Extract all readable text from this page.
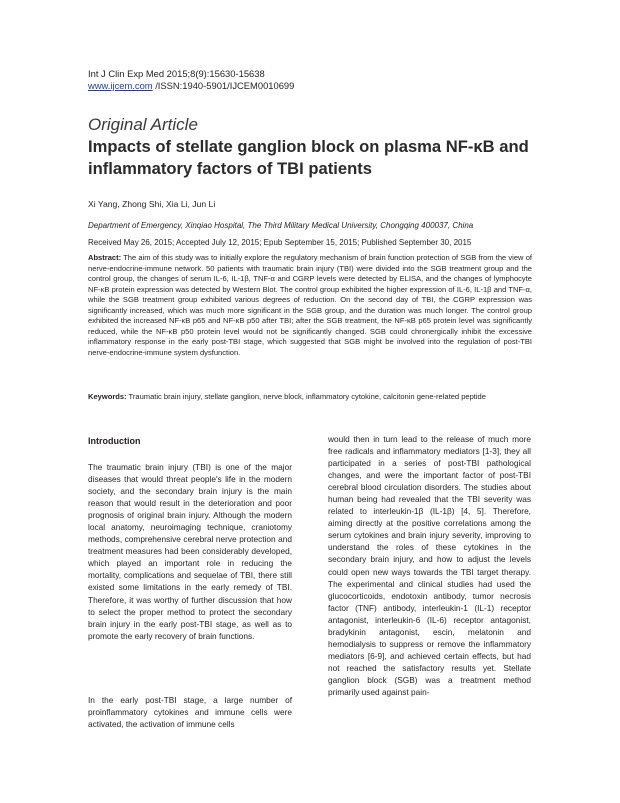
Int J Clin Exp Med 2015;8(9):15630-15638
www.ijcem.com /ISSN:1940-5901/IJCEM0010699
Original Article
Impacts of stellate ganglion block on plasma NF-κB and inflammatory factors of TBI patients
Xi Yang, Zhong Shi, Xia Li, Jun Li
Department of Emergency, Xinqiao Hospital, The Third Military Medical University, Chongqing 400037, China
Received May 26, 2015; Accepted July 12, 2015; Epub September 15, 2015; Published September 30, 2015
Abstract: The aim of this study was to initially explore the regulatory mechanism of brain function protection of SGB from the view of nerve-endocrine-immune network. 50 patients with traumatic brain injury (TBI) were divided into the SGB treatment group and the control group, the changes of serum IL-6, IL-1β, TNF-α and CGRP levels were detected by ELISA, and the changes of lymphocyte NF-κB protein expression was detected by Western Blot. The control group exhibited the higher expression of IL-6, IL-1β and TNF-α, while the SGB treatment group exhibited various degrees of reduction. On the second day of TBI, the CGRP expression was significantly increased, which was much more significant in the SGB group, and the duration was much longer. The control group exhibited the increased NF-κB p65 and NF-κB p50 after TBI; after the SGB treatment, the NF-κB p65 protein level was significantly reduced, while the NF-κB p50 protein level would not be significantly changed. SGB could chronergically inhibit the excessive inflammatory response in the early post-TBI stage, which suggested that SGB might be involved into the regulation of post-TBI nerve-endocrine-immune system dysfunction.
Keywords: Traumatic brain injury, stellate ganglion, nerve block, inflammatory cytokine, calcitonin gene-related peptide
Introduction

The traumatic brain injury (TBI) is one of the major diseases that would threat people's life in the modern society, and the secondary brain injury is the main reason that would result in the deterioration and poor prognosis of original brain injury. Although the modern local anatomy, neuroimaging technique, craniotomy methods, comprehensive cerebral nerve protection and treatment measures had been considerably developed, which played an important role in reducing the mortality, complications and sequelae of TBI, there still existed some limitations in the early remedy of TBI. Therefore, it was worthy of further discussion that how to select the proper method to protect the secondary brain injury in the early post-TBI stage, as well as to promote the early recovery of brain functions.

In the early post-TBI stage, a large number of proinflammatory cytokines and immune cells were activated, the activation of immune cells

would then in turn lead to the release of much more free radicals and inflammatory mediators [1-3], they all participated in a series of post-TBI pathological changes, and were the important factor of post-TBI cerebral blood circulation disorders. The studies about human being had revealed that the TBI severity was related to interleukin-1β (IL-1β) [4, 5]. Therefore, aiming directly at the positive correlations among the serum cytokines and brain injury severity, improving to understand the roles of these cytokines in the secondary brain injury, and how to adjust the levels could open new ways towards the TBI target therapy. The experimental and clinical studies had used the glucocorticoids, endotoxin antibody, tumor necrosis factor (TNF) antibody, interleukin-1 (IL-1) receptor antagonist, interleukin-6 (IL-6) receptor antagonist, bradykinin antagonist, escin, melatonin and hemodialysis to suppress or remove the inflammatory mediators [6-9], and achieved certain effects, but had not reached the satisfactory results yet. Stellate ganglion block (SGB) was a treatment method primarily used against pain-
